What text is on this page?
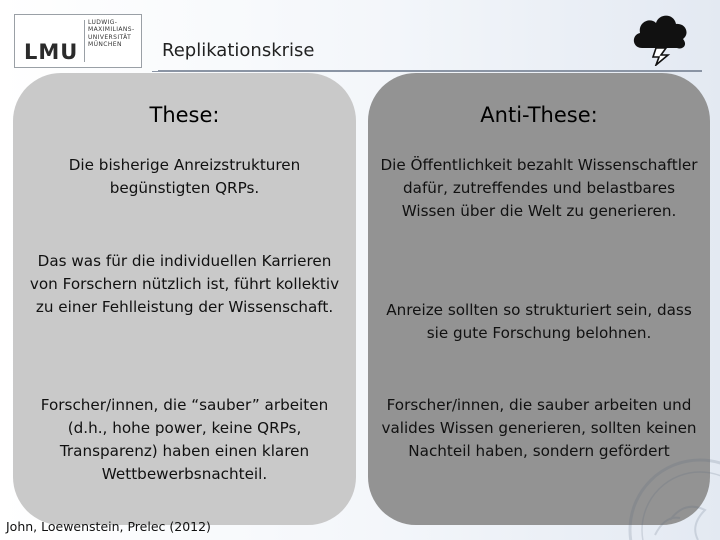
LMU
LUDWIG-
MAXIMILIANS-
UNIVERSITÄT
MÜNCHEN	Replikationskrise
These:
Die bisherige Anreizstrukturen begünstigten QRPs.
Das was für die individuellen Karrieren von Forschern nützlich ist, führt kollektiv zu einer Fehlleistung der Wissenschaft.
Forscher/innen, die “sauber” arbeiten (d.h., hohe power, keine QRPs, Transparenz) haben einen klaren Wettbewerbsnachteil.
Anti-These:
Die Öffentlichkeit bezahlt Wissenschaftler dafür, zutreffendes und belastbares Wissen über die Welt zu generieren.
Anreize sollten so strukturiert sein, dass sie gute Forschung belohnen.
Forscher/innen, die sauber arbeiten und valides Wissen generieren, sollten keinen Nachteil haben, sondern gefördert
John, Loewenstein, Prelec (2012)
